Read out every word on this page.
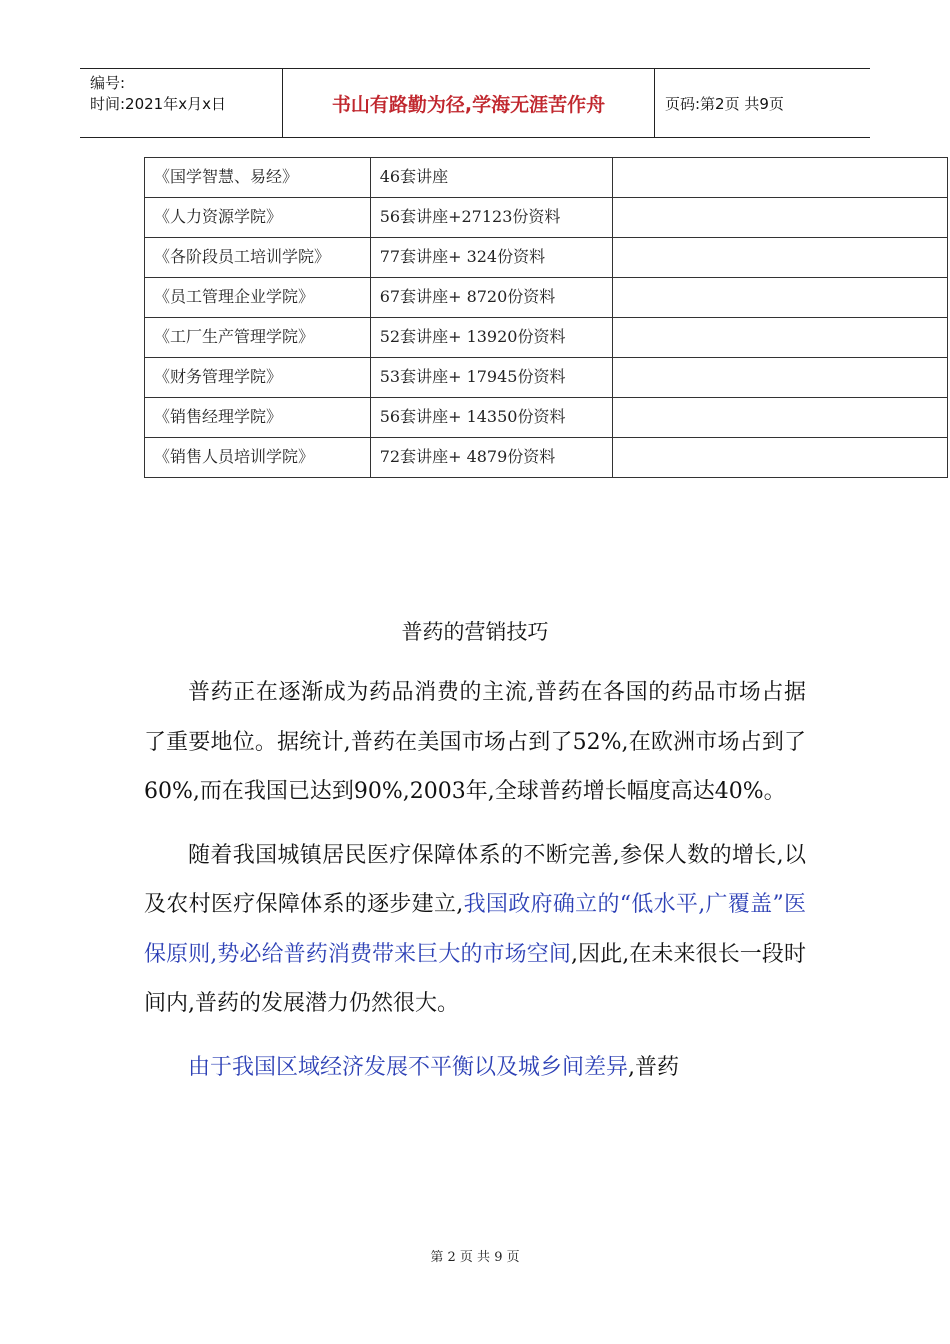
编号:
时间:2021年x月x日	书山有路勤为径,学海无涯苦作舟	页码:第2页 共9页
《国学智慧、易经》	46套讲座	
《人力资源学院》	56套讲座+27123份资料	
《各阶段员工培训学院》	77套讲座+ 324份资料	
《员工管理企业学院》	67套讲座+ 8720份资料	
《工厂生产管理学院》	52套讲座+ 13920份资料	
《财务管理学院》	53套讲座+ 17945份资料	
《销售经理学院》	56套讲座+ 14350份资料	
《销售人员培训学院》	72套讲座+ 4879份资料	
普药的营销技巧

普药正在逐渐成为药品消费的主流,普药在各国的药品市场占据了重要地位。据统计,普药在美国市场占到了52%,在欧洲市场占到了60%,而在我国已达到90%,2003年,全球普药增长幅度高达40%。

随着我国城镇居民医疗保障体系的不断完善,参保人数的增长,以及农村医疗保障体系的逐步建立,我国政府确立的“低水平,广覆盖”医保原则,势必给普药消费带来巨大的市场空间,因此,在未来很长一段时间内,普药的发展潜力仍然很大。

由于我国区域经济发展不平衡以及城乡间差异,普药

第 2 页 共 9 页
